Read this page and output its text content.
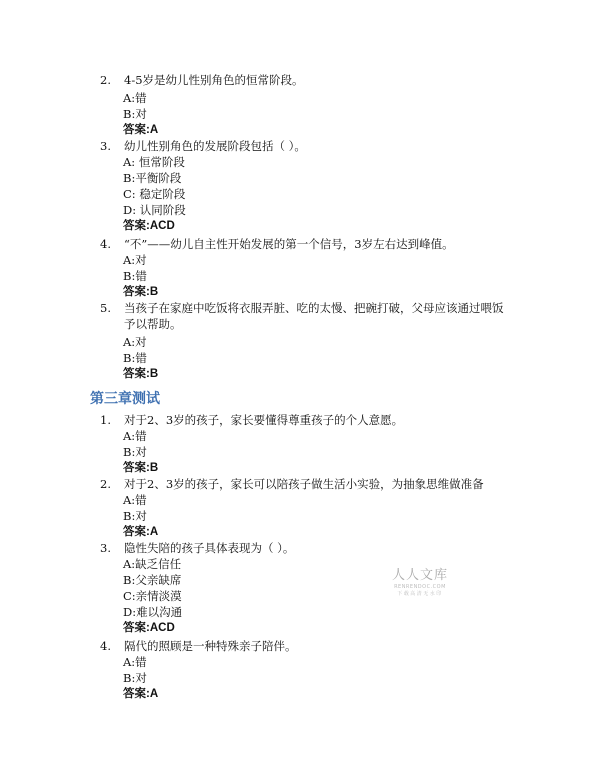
2.	4-5岁是幼儿性别角色的恒常阶段。
A:错
B:对
答案:A
3.	幼儿性别角色的发展阶段包括（ ）。
A: 恒常阶段
B:平衡阶段
C: 稳定阶段
D: 认同阶段
答案:ACD
4.	“不”——幼儿自主性开始发展的第一个信号，3岁左右达到峰值。
A:对
B:错
答案:B
5.	当孩子在家庭中吃饭将衣服弄脏、吃的太慢、把碗打破，父母应该通过喂饭予以帮助。
A:对
B:错
答案:B
第三章测试
1.	对于2、3岁的孩子，家长要懂得尊重孩子的个人意愿。
A:错
B:对
答案:B
2.	对于2、3岁的孩子，家长可以陪孩子做生活小实验，为抽象思维做准备
A:错
B:对
答案:A
3.	隐性失陪的孩子具体表现为（ ）。
A:缺乏信任
B:父亲缺席
C:亲情淡漠
D:难以沟通
答案:ACD
4.	隔代的照顾是一种特殊亲子陪伴。
A:错
B:对
答案:A
人人文库
RENRENDOC.COM
下载高清无水印
